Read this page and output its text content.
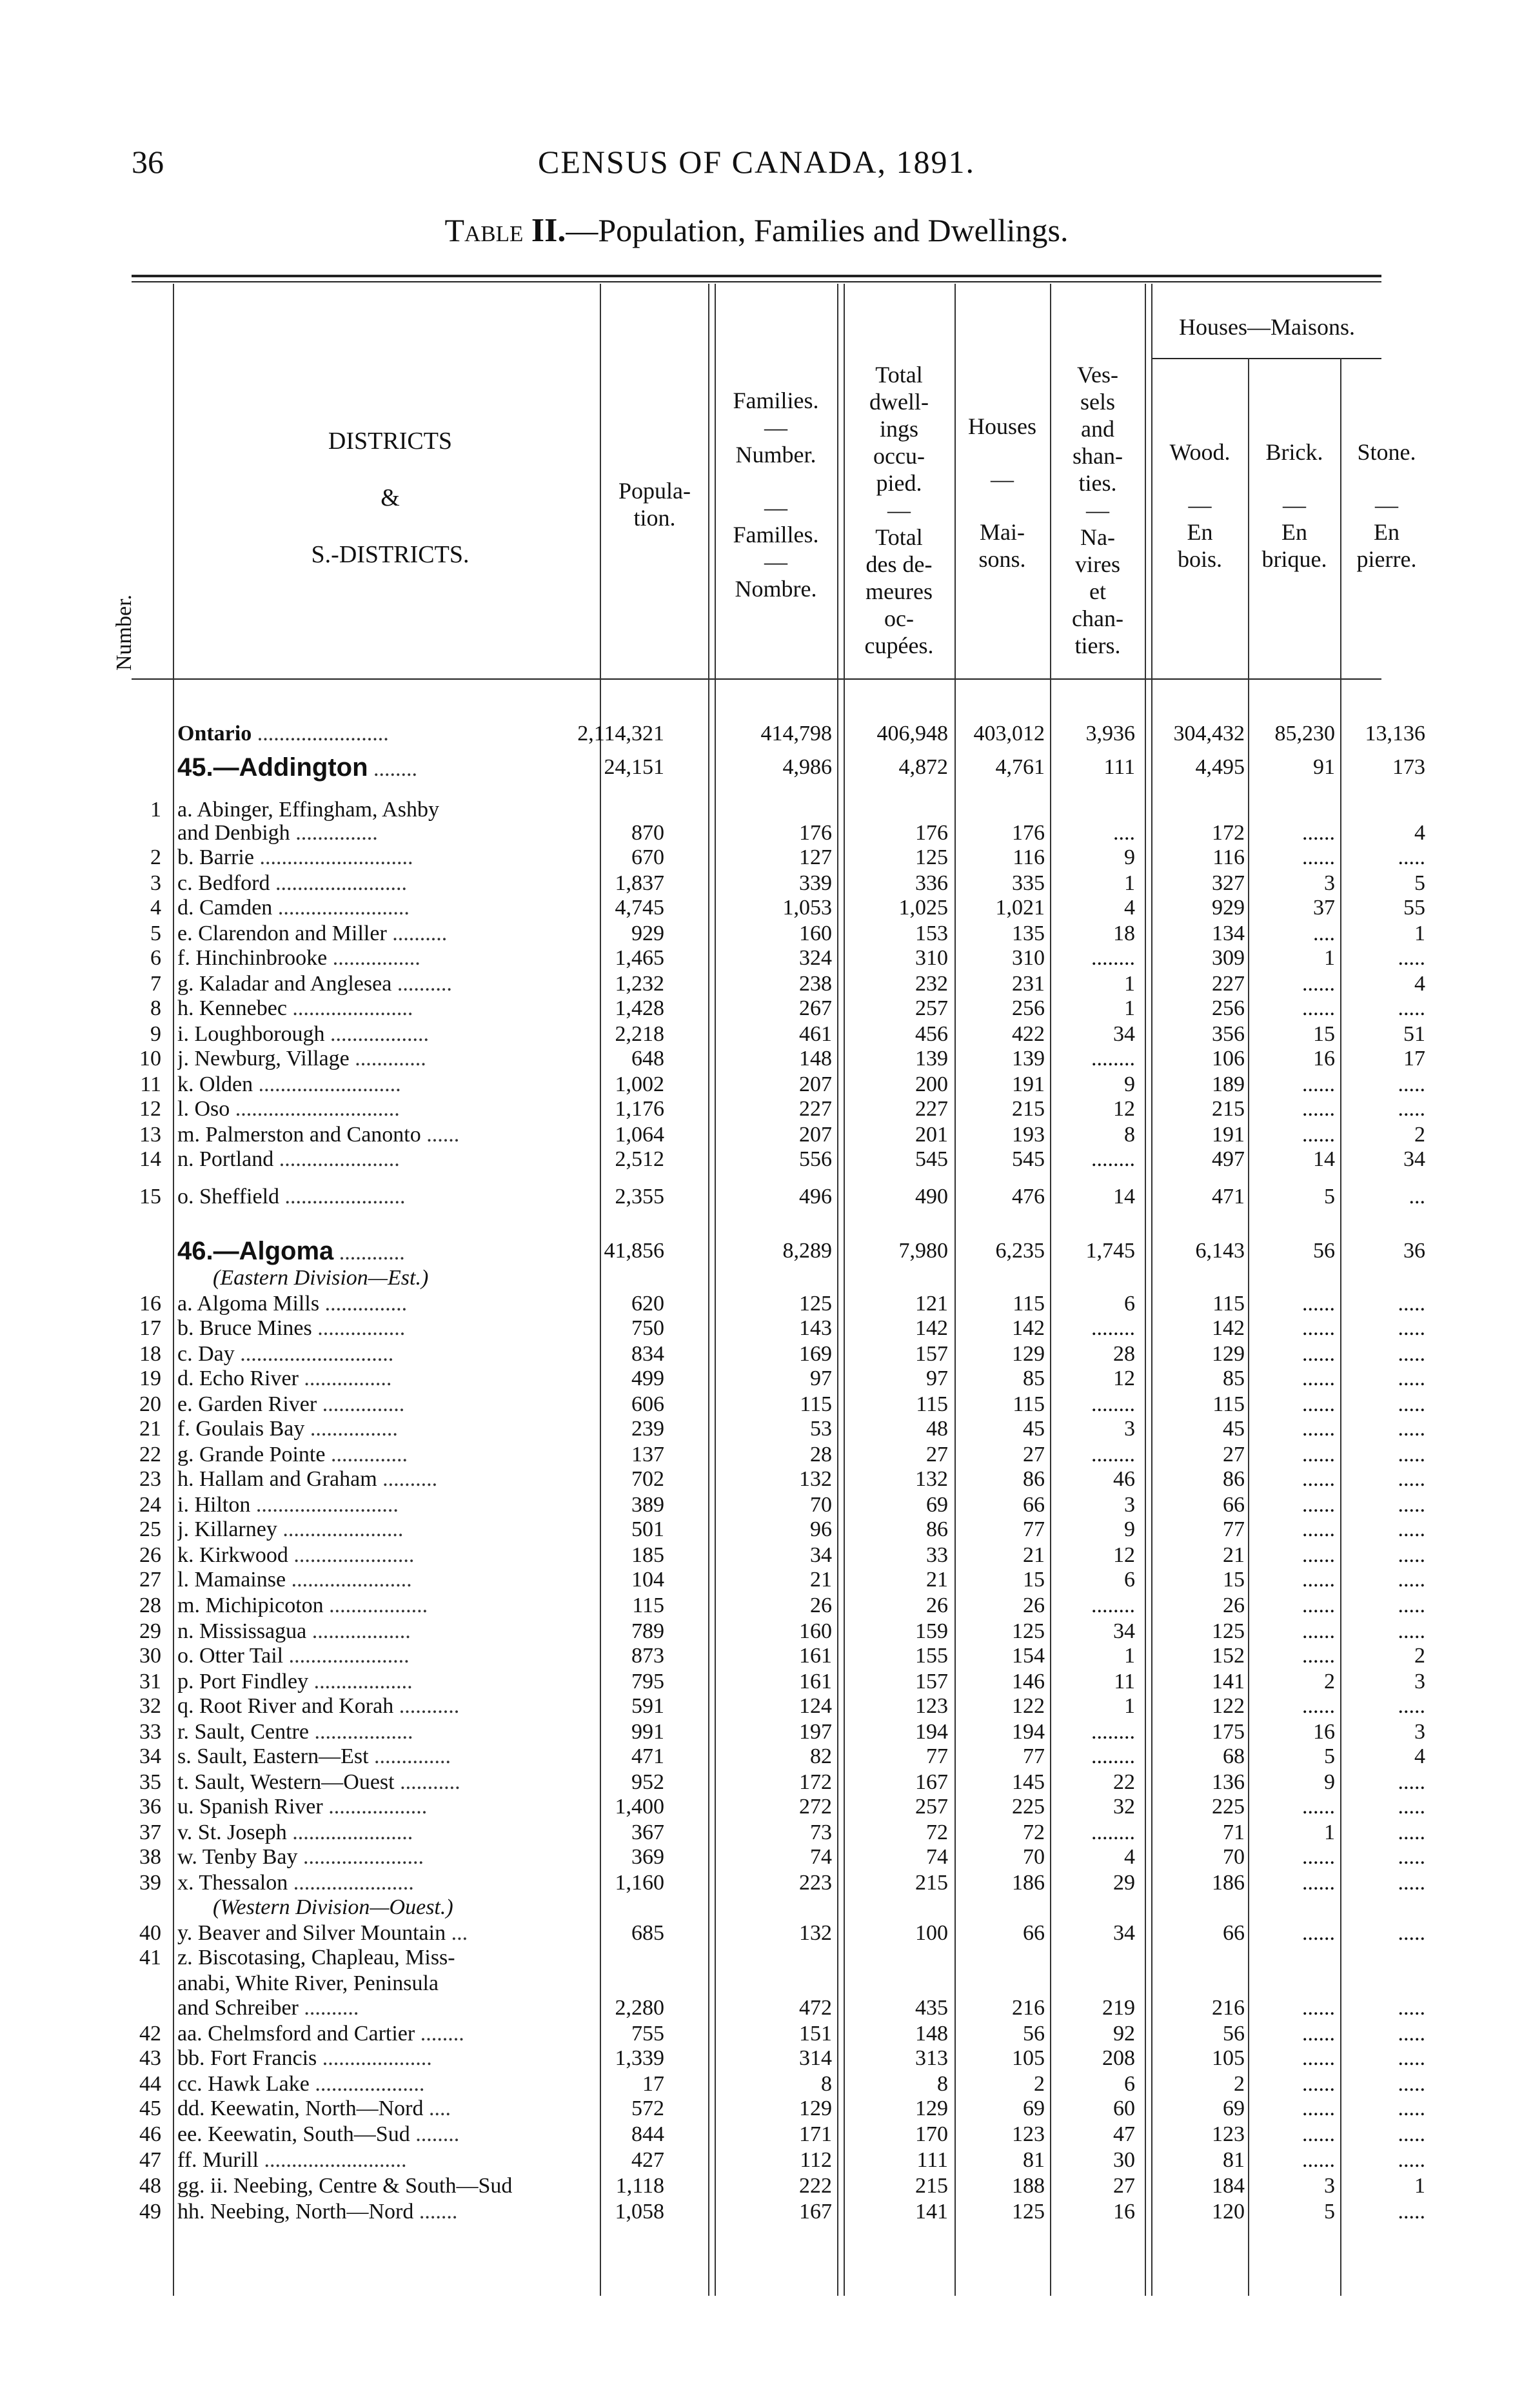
36	CENSUS OF CANADA, 1891.
Table II.—Population, Families and Dwellings.
Number.
DISTRICTS
&
S.-DISTRICTS.
Popula-
tion.
Families.
—
Number.
—
Familles.
—
Nombre.
Total
dwell-
ings
occu-
pied.
—
Total
des de-
meures
oc-
cupées.
Houses
—
Mai-
sons.
Ves-
sels
and
shan-
ties.
—
Na-
vires
et
chan-
tiers.
Houses—Maisons.
Wood.
—
En
bois.
Brick.
—
En
brique.
Stone.
—
En
pierre.
Ontario ........................	2,114,321	414,798	406,948	403,012	3,936	304,432	85,230	13,136
45.—Addington ........	24,151	4,986	4,872	4,761	111	4,495	91	173
1 a. Abinger, Effingham, Ashby
and Denbigh ...............	870	176	176	176	....	172	......	4
2 b. Barrie ............................	670	127	125	116	9	116	......	.....
3 c. Bedford ........................	1,837	339	336	335	1	327	3	5
4 d. Camden ........................	4,745	1,053	1,025	1,021	4	929	37	55
5 e. Clarendon and Miller ..........	929	160	153	135	18	134	....	1
6 f. Hinchinbrooke ................	1,465	324	310	310	........	309	1	.....
7 g. Kaladar and Anglesea ..........	1,232	238	232	231	1	227	......	4
8 h. Kennebec ......................	1,428	267	257	256	1	256	......	.....
9 i. Loughborough ..................	2,218	461	456	422	34	356	15	51
10 j. Newburg, Village .............	648	148	139	139	........	106	16	17
11 k. Olden ..........................	1,002	207	200	191	9	189	......	.....
12 l. Oso ..............................	1,176	227	227	215	12	215	......	.....
13 m. Palmerston and Canonto ......	1,064	207	201	193	8	191	......	2
14 n. Portland ......................	2,512	556	545	545	........	497	14	34
15 o. Sheffield ......................	2,355	496	490	476	14	471	5	...
46.—Algoma ............	41,856	8,289	7,980	6,235	1,745	6,143	56	36
(Eastern Division—Est.)
16 a. Algoma Mills ...............	620	125	121	115	6	115	......	.....
17 b. Bruce Mines ................	750	143	142	142	........	142	......	.....
18 c. Day ............................	834	169	157	129	28	129	......	.....
19 d. Echo River ................	499	97	97	85	12	85	......	.....
20 e. Garden River ...............	606	115	115	115	........	115	......	.....
21 f. Goulais Bay ................	239	53	48	45	3	45	......	.....
22 g. Grande Pointe ..............	137	28	27	27	........	27	......	.....
23 h. Hallam and Graham ..........	702	132	132	86	46	86	......	.....
24 i. Hilton ..........................	389	70	69	66	3	66	......	.....
25 j. Killarney ......................	501	96	86	77	9	77	......	.....
26 k. Kirkwood ......................	185	34	33	21	12	21	......	.....
27 l. Mamainse ......................	104	21	21	15	6	15	......	.....
28 m. Michipicoton ..................	115	26	26	26	........	26	......	.....
29 n. Mississagua ..................	789	160	159	125	34	125	......	.....
30 o. Otter Tail ......................	873	161	155	154	1	152	......	2
31 p. Port Findley ..................	795	161	157	146	11	141	2	3
32 q. Root River and Korah ...........	591	124	123	122	1	122	......	.....
33 r. Sault, Centre ..................	991	197	194	194	........	175	16	3
34 s. Sault, Eastern—Est ..............	471	82	77	77	........	68	5	4
35 t. Sault, Western—Ouest ...........	952	172	167	145	22	136	9	.....
36 u. Spanish River ..................	1,400	272	257	225	32	225	......	.....
37 v. St. Joseph ......................	367	73	72	72	........	71	1	.....
38 w. Tenby Bay ......................	369	74	74	70	4	70	......	.....
39 x. Thessalon ......................	1,160	223	215	186	29	186	......	.....
(Western Division—Ouest.)
40 y. Beaver and Silver Mountain ...	685	132	100	66	34	66	......	.....
41 z. Biscotasing, Chapleau, Miss-
anabi, White River, Peninsula
and Schreiber ..........	2,280	472	435	216	219	216	......	.....
42 aa. Chelmsford and Cartier ........	755	151	148	56	92	56	......	.....
43 bb. Fort Francis ....................	1,339	314	313	105	208	105	......	.....
44 cc. Hawk Lake ....................	17	8	8	2	6	2	......	.....
45 dd. Keewatin, North—Nord ....	572	129	129	69	60	69	......	.....
46 ee. Keewatin, South—Sud ........	844	171	170	123	47	123	......	.....
47 ff. Murill ..........................	427	112	111	81	30	81	......	.....
48 gg. ii. Neebing, Centre & South—Sud	1,118	222	215	188	27	184	3	1
49 hh. Neebing, North—Nord .......	1,058	167	141	125	16	120	5	.....
